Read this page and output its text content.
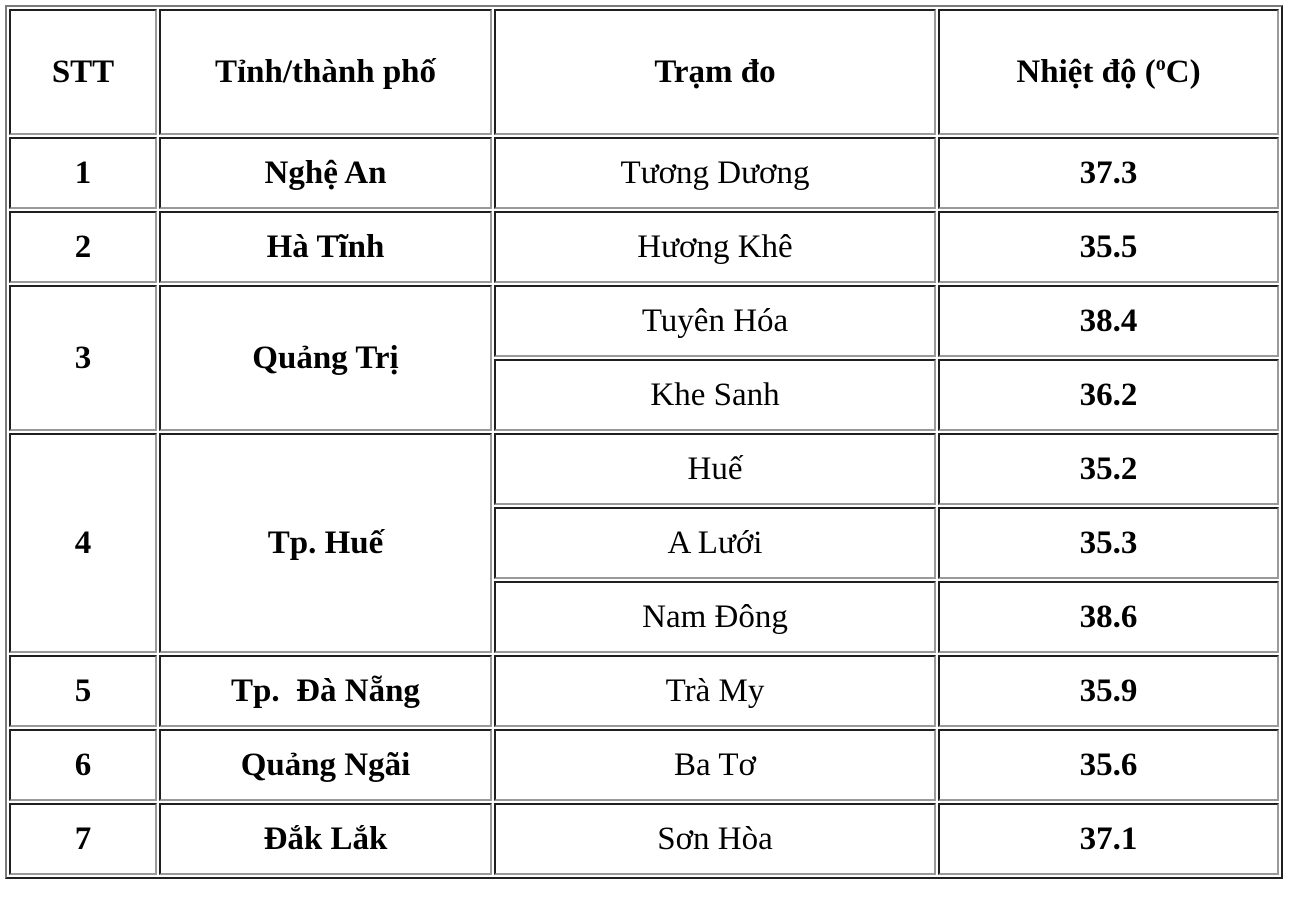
STT	Tỉnh/thành phố	Trạm đo	Nhiệt độ ($^o$C)
1	Nghệ An	Tương Dương	37.3
2	Hà Tĩnh	Hương Khê	35.5
3	Quảng Trị	Tuyên Hóa	38.4
		Khe Sanh	36.2
4	Tp. Huế	Huế	35.2
		A Lưới	35.3
		Nam Đông	38.6
5	Tp.  Đà Nẵng	Trà My	35.9
6	Quảng Ngãi	Ba Tơ	35.6
7	Đắk Lắk	Sơn Hòa	37.1
